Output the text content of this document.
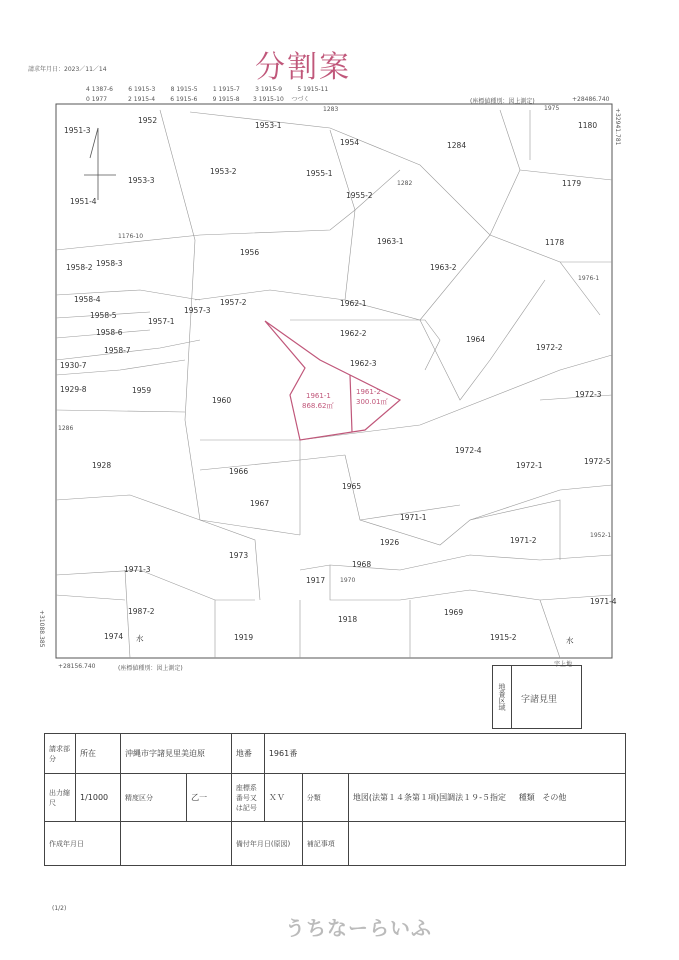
請求年月日：2023／11／14	分割案
4 1387-6	6 1915-3	8 1915-5	1 1915-7	3 1915-9	5 1915-11
0 1977	2 1915-4	6 1915-6	9 1915-8 3 1915-10 つづく	(座標値種別：図上測定)	+28486.740
+32941.781
+31088.385
+28156.740	(座標値種別：図上測定)
1951-3
1952
1953-1
1954	1284
1180
1953-3
1953-2	1955-1
1955-2
1179
1951-4
1963-1	1178
1956
1963-2
1958-2 1958-3
1958-4	1957-2	1962-1
1958-5
1957-3
1957-1
1958-6	1962-2
1964
1972-2
1958-7
1962-3
1930-7
1929-8	1959
1960
1972-3
1972-4
1928	1972-1	1972-5
1966
1965
1967
1971-1
1926	1971-2
1973
1968
1971-3
1917 1970
1971-4
1987-2
1918
1969
1974	1919	1915-2
1975
1282
1283
1286
1976-1
1176-10
1952-1
1961-1
868.62㎡
1961-2
300.01㎡
水	水
宇上地
地番区域	字諸見里
請求部分	所在	沖縄市字諸見里美迫原		地番	1961番		
出力縮尺	1/1000	精度区分	乙一	座標系番号又は記号	ＸＶ	分類	地図(法第１４条第１項)国調法１９-５指定 種類 その他
作成年月日				備付年月日(原図)		補記事項	
(1/2)
うちなーらいふ
